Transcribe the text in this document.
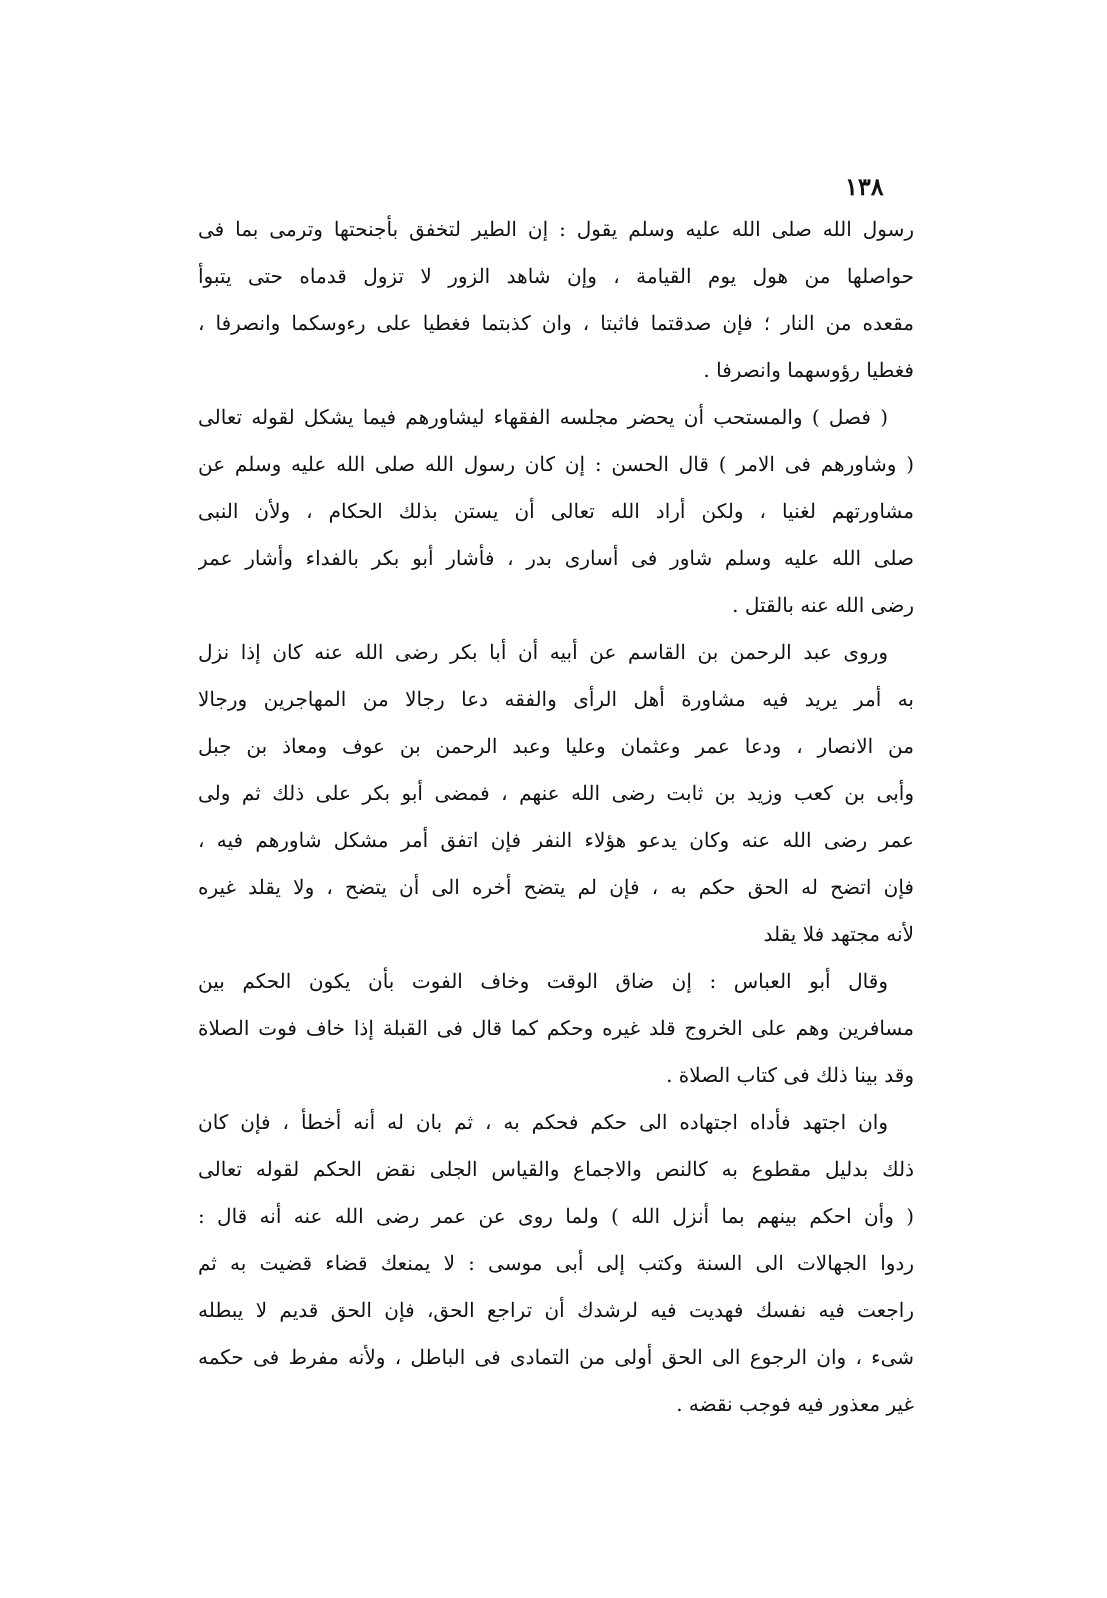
١٣٨
رسول الله صلى الله عليه وسلم يقول : إن الطير لتخفق بأجنحتها وترمى بما فى
حواصلها من هول يوم القيامة ، وإن شاهد الزور لا تزول قدماه حتى يتبوأ
مقعده من النار ؛ فإن صدقتما فاثبتا ، وان كذبتما فغطيا على رءوسكما وانصرفا ،
فغطيا رؤوسهما وانصرفا .
( فصل ) والمستحب أن يحضر مجلسه الفقهاء ليشاورهم فيما يشكل لقوله تعالى
( وشاورهم فى الامر ) قال الحسن : إن كان رسول الله صلى الله عليه وسلم عن
مشاورتهم لغنيا ، ولكن أراد الله تعالى أن يستن بذلك الحكام ، ولأن النبى
صلى الله عليه وسلم شاور فى أسارى بدر ، فأشار أبو بكر بالفداء وأشار عمر
رضى الله عنه بالقتل .
وروى عبد الرحمن بن القاسم عن أبيه أن أبا بكر رضى الله عنه كان إذا نزل
به أمر يريد فيه مشاورة أهل الرأى والفقه دعا رجالا من المهاجرين ورجالا
من الانصار ، ودعا عمر وعثمان وعليا وعبد الرحمن بن عوف ومعاذ بن جبل
وأبى بن كعب وزيد بن ثابت رضى الله عنهم ، فمضى أبو بكر على ذلك ثم ولى
عمر رضى الله عنه وكان يدعو هؤلاء النفر فإن اتفق أمر مشكل شاورهم فيه ،
فإن اتضح له الحق حكم به ، فإن لم يتضح أخره الى أن يتضح ، ولا يقلد غيره
لأنه مجتهد فلا يقلد
وقال أبو العباس : إن ضاق الوقت وخاف الفوت بأن يكون الحكم بين
مسافرين وهم على الخروج قلد غيره وحكم كما قال فى القبلة إذا خاف فوت الصلاة
وقد بينا ذلك فى كتاب الصلاة .
وان اجتهد فأداه اجتهاده الى حكم فحكم به ، ثم بان له أنه أخطأ ، فإن كان
ذلك بدليل مقطوع به كالنص والاجماع والقياس الجلى نقض الحكم لقوله تعالى
( وأن احكم بينهم بما أنزل الله ) ولما روى عن عمر رضى الله عنه أنه قال :
ردوا الجهالات الى السنة وكتب إلى أبى موسى : لا يمنعك قضاء قضيت به ثم
راجعت فيه نفسك فهديت فيه لرشدك أن تراجع الحق، فإن الحق قديم لا يبطله
شىء ، وان الرجوع الى الحق أولى من التمادى فى الباطل ، ولأنه مفرط فى حكمه
غير معذور فيه فوجب نقضه .
